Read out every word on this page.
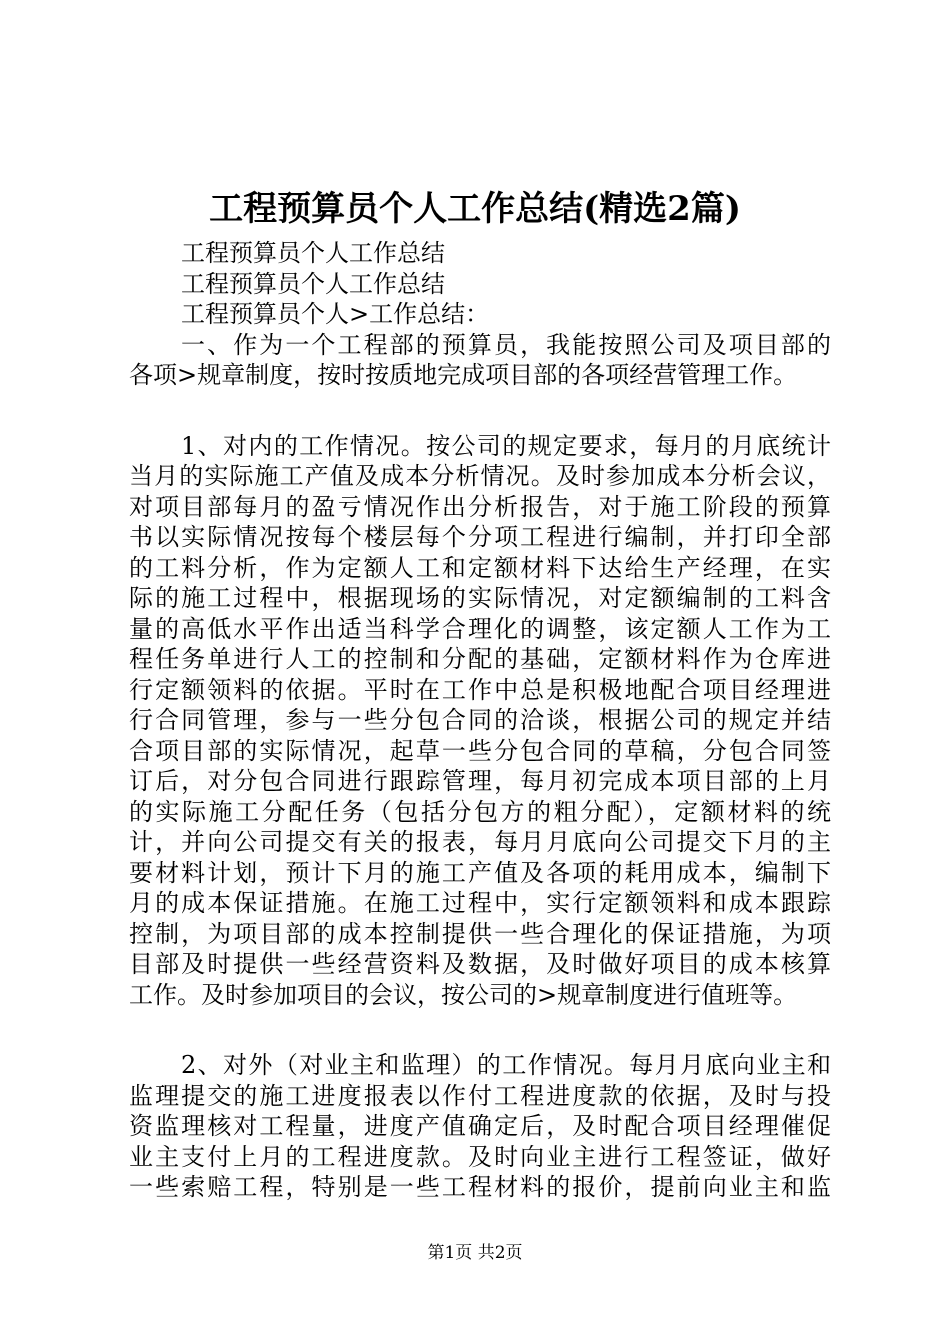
工程预算员个人工作总结(精选2篇)
工程预算员个人工作总结
工程预算员个人工作总结
工程预算员个人>工作总结：
一、作为一个工程部的预算员，我能按照公司及项目部的
各项>规章制度，按时按质地完成项目部的各项经营管理工作。
1、对内的工作情况。按公司的规定要求，每月的月底统计
当月的实际施工产值及成本分析情况。及时参加成本分析会议，
对项目部每月的盈亏情况作出分析报告，对于施工阶段的预算
书以实际情况按每个楼层每个分项工程进行编制，并打印全部
的工料分析，作为定额人工和定额材料下达给生产经理，在实
际的施工过程中，根据现场的实际情况，对定额编制的工料含
量的高低水平作出适当科学合理化的调整，该定额人工作为工
程任务单进行人工的控制和分配的基础，定额材料作为仓库进
行定额领料的依据。平时在工作中总是积极地配合项目经理进
行合同管理，参与一些分包合同的洽谈，根据公司的规定并结
合项目部的实际情况，起草一些分包合同的草稿，分包合同签
订后，对分包合同进行跟踪管理，每月初完成本项目部的上月
的实际施工分配任务（包括分包方的粗分配），定额材料的统
计，并向公司提交有关的报表，每月月底向公司提交下月的主
要材料计划，预计下月的施工产值及各项的耗用成本，编制下
月的成本保证措施。在施工过程中，实行定额领料和成本跟踪
控制，为项目部的成本控制提供一些合理化的保证措施，为项
目部及时提供一些经营资料及数据，及时做好项目的成本核算
工作。及时参加项目的会议，按公司的>规章制度进行值班等。
2、对外（对业主和监理）的工作情况。每月月底向业主和
监理提交的施工进度报表以作付工程进度款的依据，及时与投
资监理核对工程量，进度产值确定后，及时配合项目经理催促
业主支付上月的工程进度款。及时向业主进行工程签证，做好
一些索赔工程，特别是一些工程材料的报价，提前向业主和监
第1页 共2页
